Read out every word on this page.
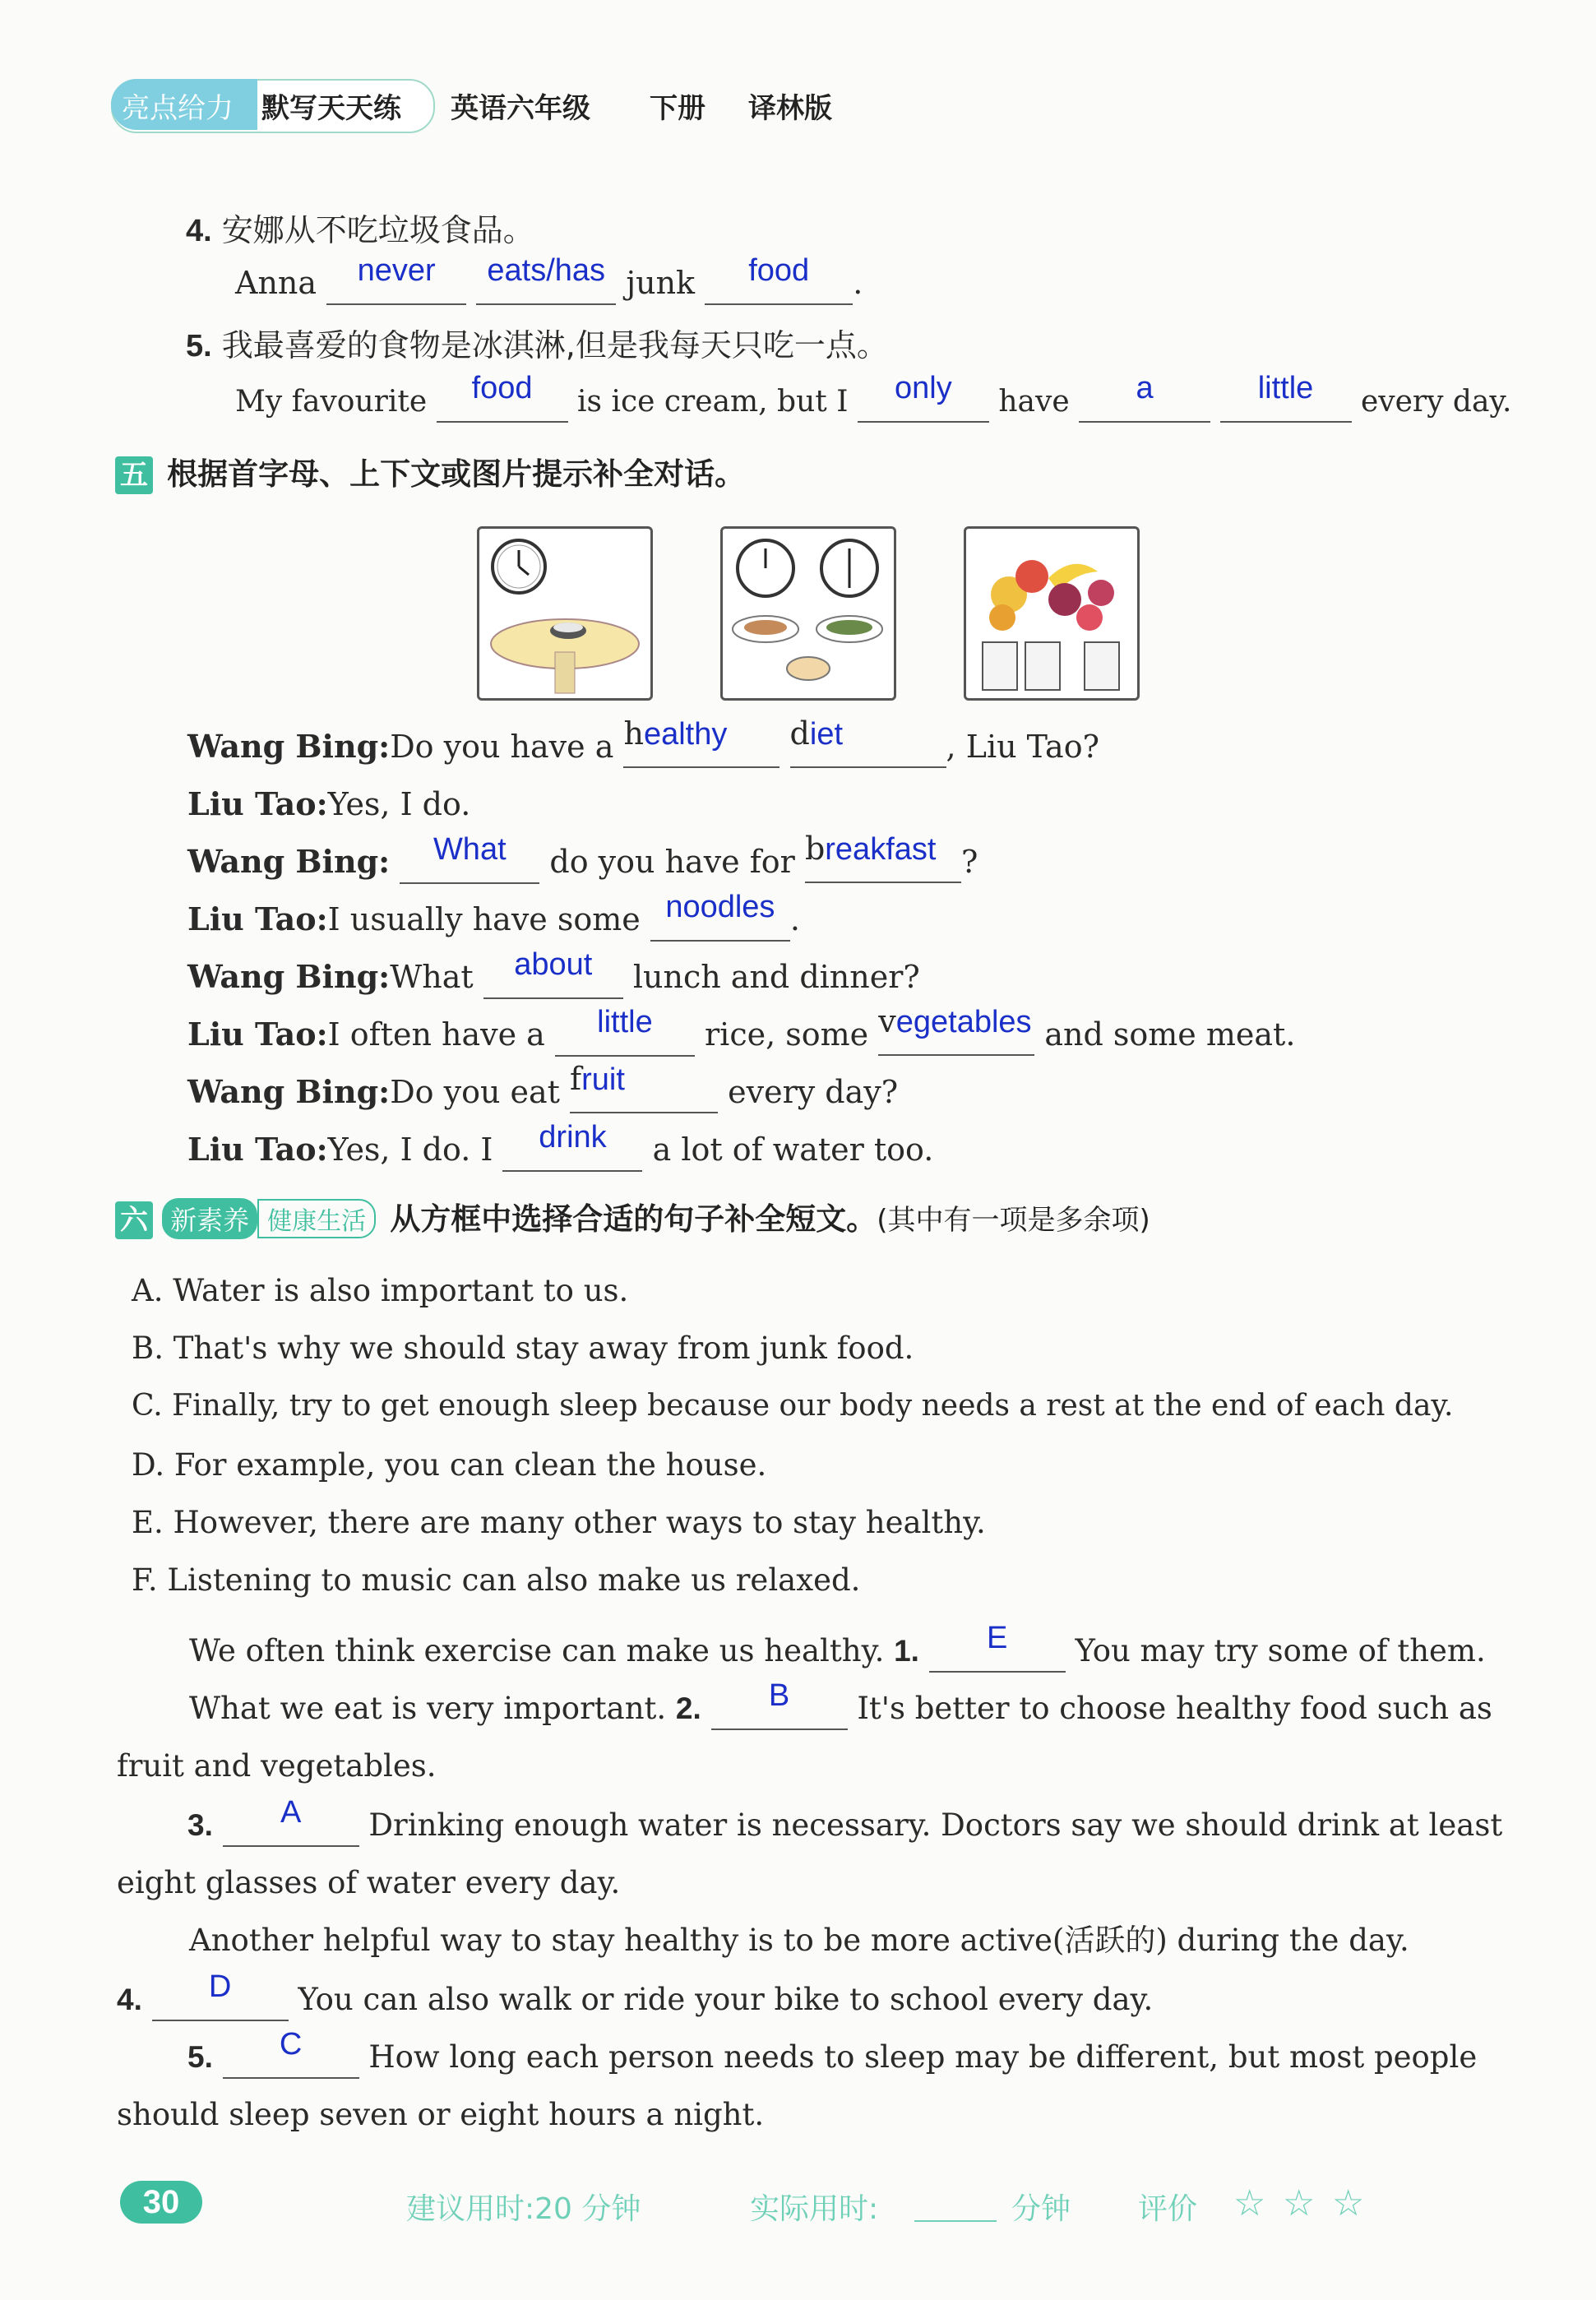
亮点给力 默写天天练 英语六年级 下册 译林版
4. 安娜从不吃垃圾食品。
Anna never eats/has junk food .
5. 我最喜爱的食物是冰淇淋,但是我每天只吃一点。
My favourite food is ice cream, but I only have a	little every day.
五 根据首字母、上下文或图片提示补全对话。
Wang Bing:Do you have a healthy diet	, Liu Tao?
Liu Tao:Yes, I do.
Wang Bing: What do you have for breakfast ?
Liu Tao:I usually have some noodles .
Wang Bing:What about lunch and dinner?
Liu Tao:I often have a little rice, some vegetables and some meat.
Wang Bing:Do you eat fruit	every day?
Liu Tao:Yes, I do. I drink a lot of water too.
六 新素养 健康生活 从方框中选择合适的句子补全短文。(其中有一项是多余项)
A. Water is also important to us.
B. That's why we should stay away from junk food.
C. Finally, try to get enough sleep because our body needs a rest at the end of each day.
D. For example, you can clean the house.
E. However, there are many other ways to stay healthy.
F. Listening to music can also make us relaxed.
We often think exercise can make us healthy. 1. E You may try some of them.
What we eat is very important. 2. B It's better to choose healthy food such as
fruit and vegetables.
3. A Drinking enough water is necessary. Doctors say we should drink at least
eight glasses of water every day.
Another helpful way to stay healthy is to be more active(活跃的) during the day.
4. D You can also walk or ride your bike to school every day.
5. C How long each person needs to sleep may be different, but most people
should sleep seven or eight hours a night.
30	建议用时:20 分钟	实际用时:	分钟 评价 ☆ ☆ ☆
